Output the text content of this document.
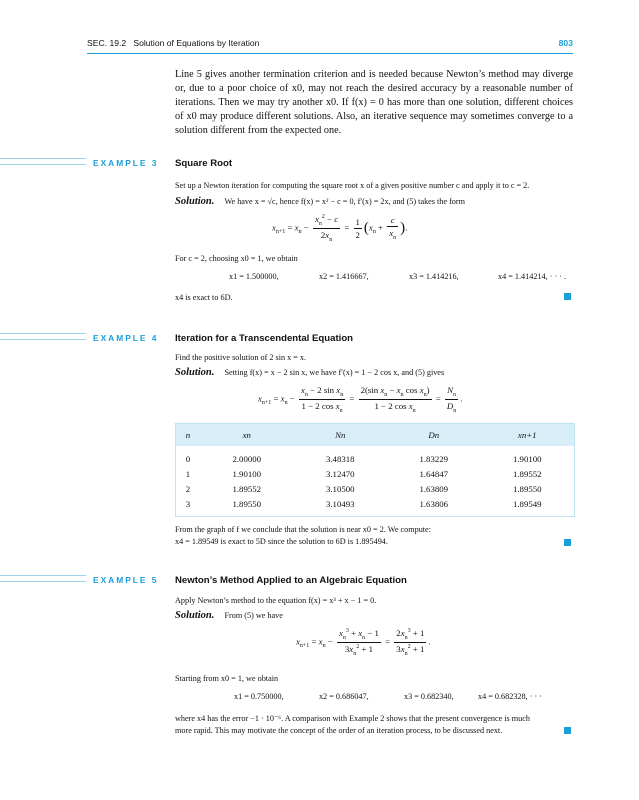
SEC. 19.2   Solution of Equations by Iteration	803

Line 5 gives another termination criterion and is needed because Newton’s method may diverge or, due to a poor choice of x0, may not reach the desired accuracy by a reasonable number of iterations. Then we may try another x0. If f(x) = 0 has more than one solution, different choices of x0 may produce different solutions. Also, an iterative sequence may sometimes converge to a solution different from the expected one.

EXAMPLE 3 Square Root

Set up a Newton iteration for computing the square root x of a given positive number c and apply it to c = 2.

Solution. We have x = √c, hence f(x) = x² − c = 0, f′(x) = 2x, and (5) takes the form
$x_{n+1} = x_n - \frac{x_n^2 - c}{2x_n} = \frac{1}{2} (x_n + \frac{c}{x_n}$ ).

For c = 2, choosing x0 = 1, we obtain

x1 = 1.500000,	x2 = 1.416667,	x3 = 1.414216,	x4 = 1.414214, · · · .

x4 is exact to 6D.

EXAMPLE 4 Iteration for a Transcendental Equation

Find the positive solution of 2 sin x = x.

Solution. Setting f(x) = x − 2 sin x, we have f′(x) = 1 − 2 cos x, and (5) gives
$x_{n+1} = x_n - \frac{x_n - 2 \sin x_n}{1 - 2 \cos x_n} = \frac{2(\sin x_n - x_n \cos x_n)}{1 - 2 \cos x_n} = \frac{N_n}{D_n}$ .
n	xn	Nn	Dn	xn+1
0	2.00000	3.48318	1.83229	1.90100
1	1.90100	3.12470	1.64847	1.89552
2	1.89552	3.10500	1.63809	1.89550
3	1.89550	3.10493	1.63806	1.89549

From the graph of f we conclude that the solution is near x0 = 2. We compute:

x4 = 1.89549 is exact to 5D since the solution to 6D is 1.895494.

EXAMPLE 5 Newton’s Method Applied to an Algebraic Equation

Apply Newton’s method to the equation f(x) = x³ + x − 1 = 0.

Solution. From (5) we have
$x_{n+1} = x_n - \frac{x_n^3 + x_n - 1}{3x_n^2 + 1} = \frac{2x_n^3 + 1}{3x_n^2 + 1}$ .

Starting from x0 = 1, we obtain

x1 = 0.750000,	x2 = 0.686047,	x3 = 0.682340,	x4 = 0.682328, · · ·

where x4 has the error −1 · 10⁻⁶. A comparison with Example 2 shows that the present convergence is much

more rapid. This may motivate the concept of the order of an iteration process, to be discussed next.
